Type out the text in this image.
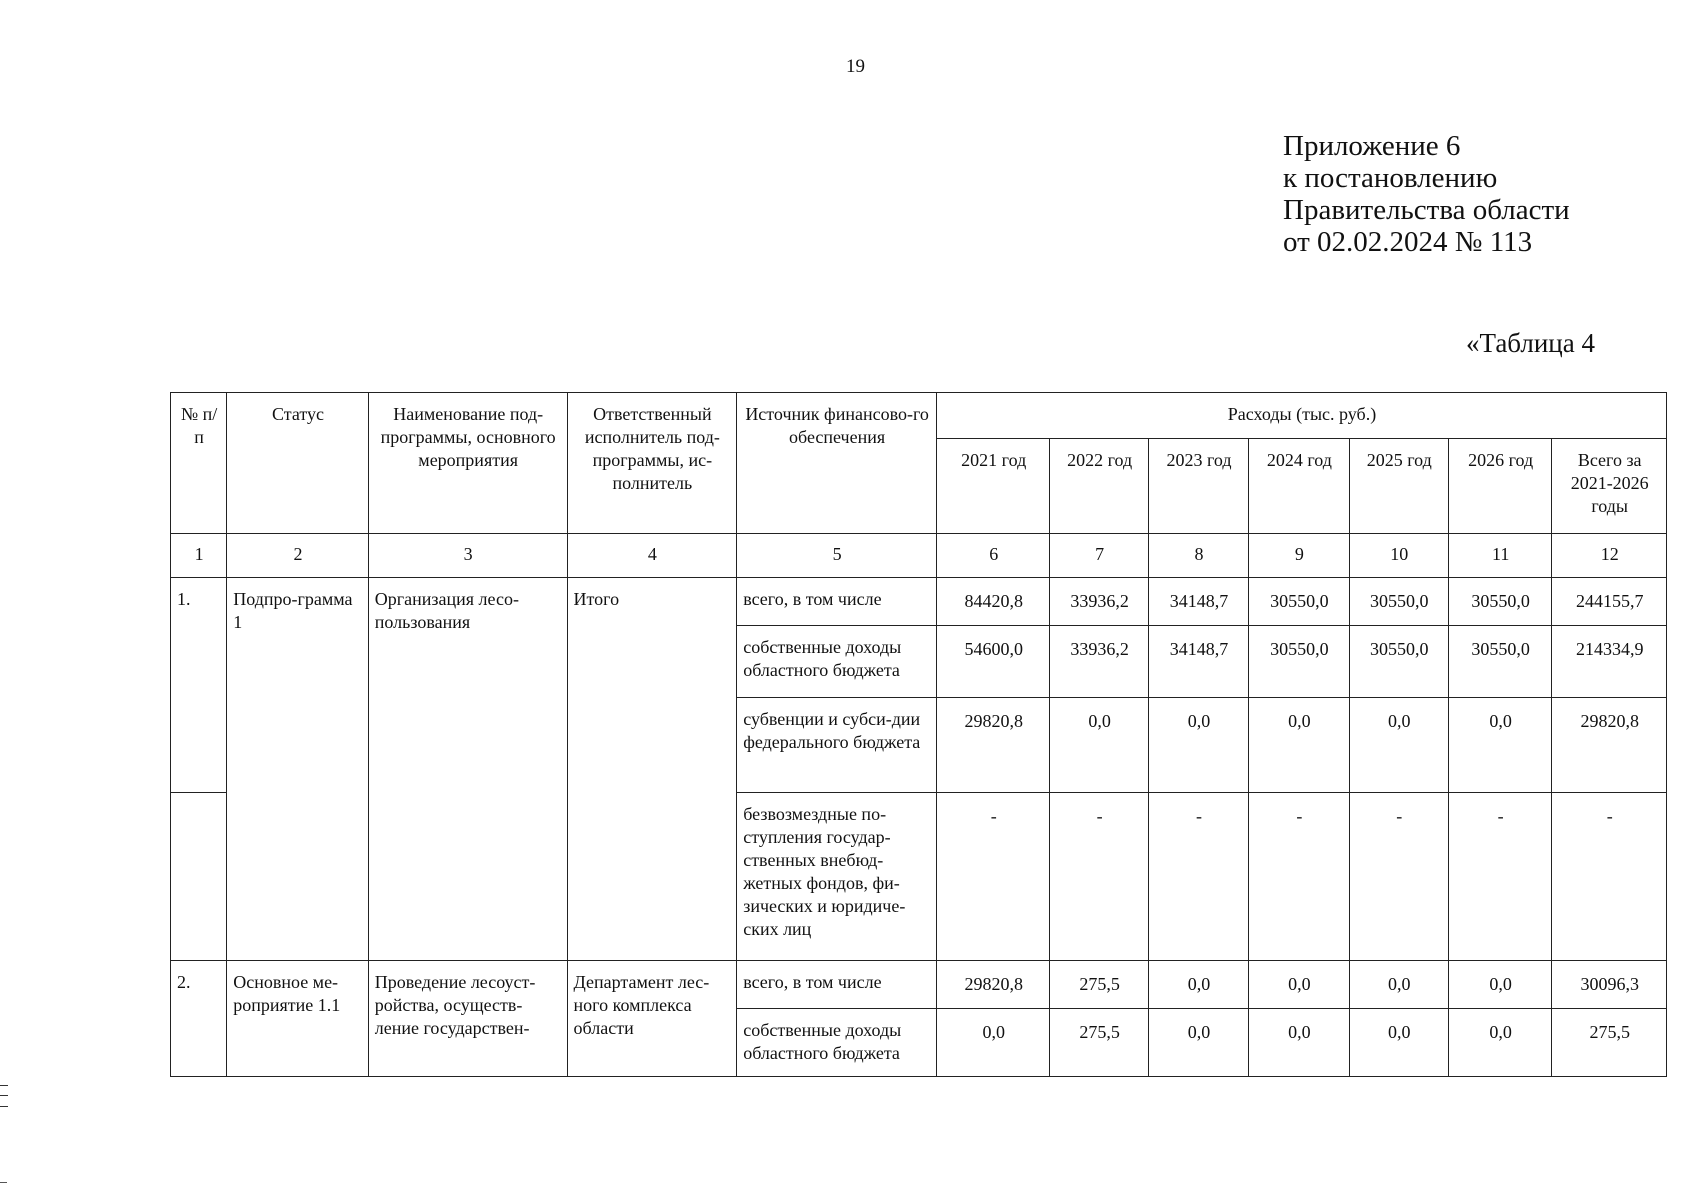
19
Приложение 6
к постановлению
Правительства области
от 02.02.2024 № 113
«Таблица 4
№ п/п	Статус	Наименование под-программы, основного мероприятия	Ответственный исполнитель под-программы, ис-полнитель	Источник финансово-го обеспечения	Расходы (тыс. руб.)						
					2021 год	2022 год	2023 год	2024 год	2025 год	2026 год	Всего за 2021-2026 годы
1	2	3	4	5	6	7	8	9	10	11	12
1.	Подпро-грамма 1	Организация лесо-пользования	Итого	всего, в том числе	84420,8	33936,2	34148,7	30550,0	30550,0	30550,0	244155,7
				собственные доходы областного бюджета	54600,0	33936,2	34148,7	30550,0	30550,0	30550,0	214334,9
				субвенции и субси-дии федерального бюджета	29820,8	0,0	0,0	0,0	0,0	0,0	29820,8
				безвозмездные по-ступления государ-ственных внебюд-жетных фондов, фи-зических и юридиче-ских лиц	-	-	-	-	-	-	-
2.	Основное ме-роприятие 1.1	Проведение лесоуст-ройства, осуществ-ление государствен-	Департамент лес-ного комплекса области	всего, в том числе	29820,8	275,5	0,0	0,0	0,0	0,0	30096,3
				собственные доходы областного бюджета	0,0	275,5	0,0	0,0	0,0	0,0	275,5
